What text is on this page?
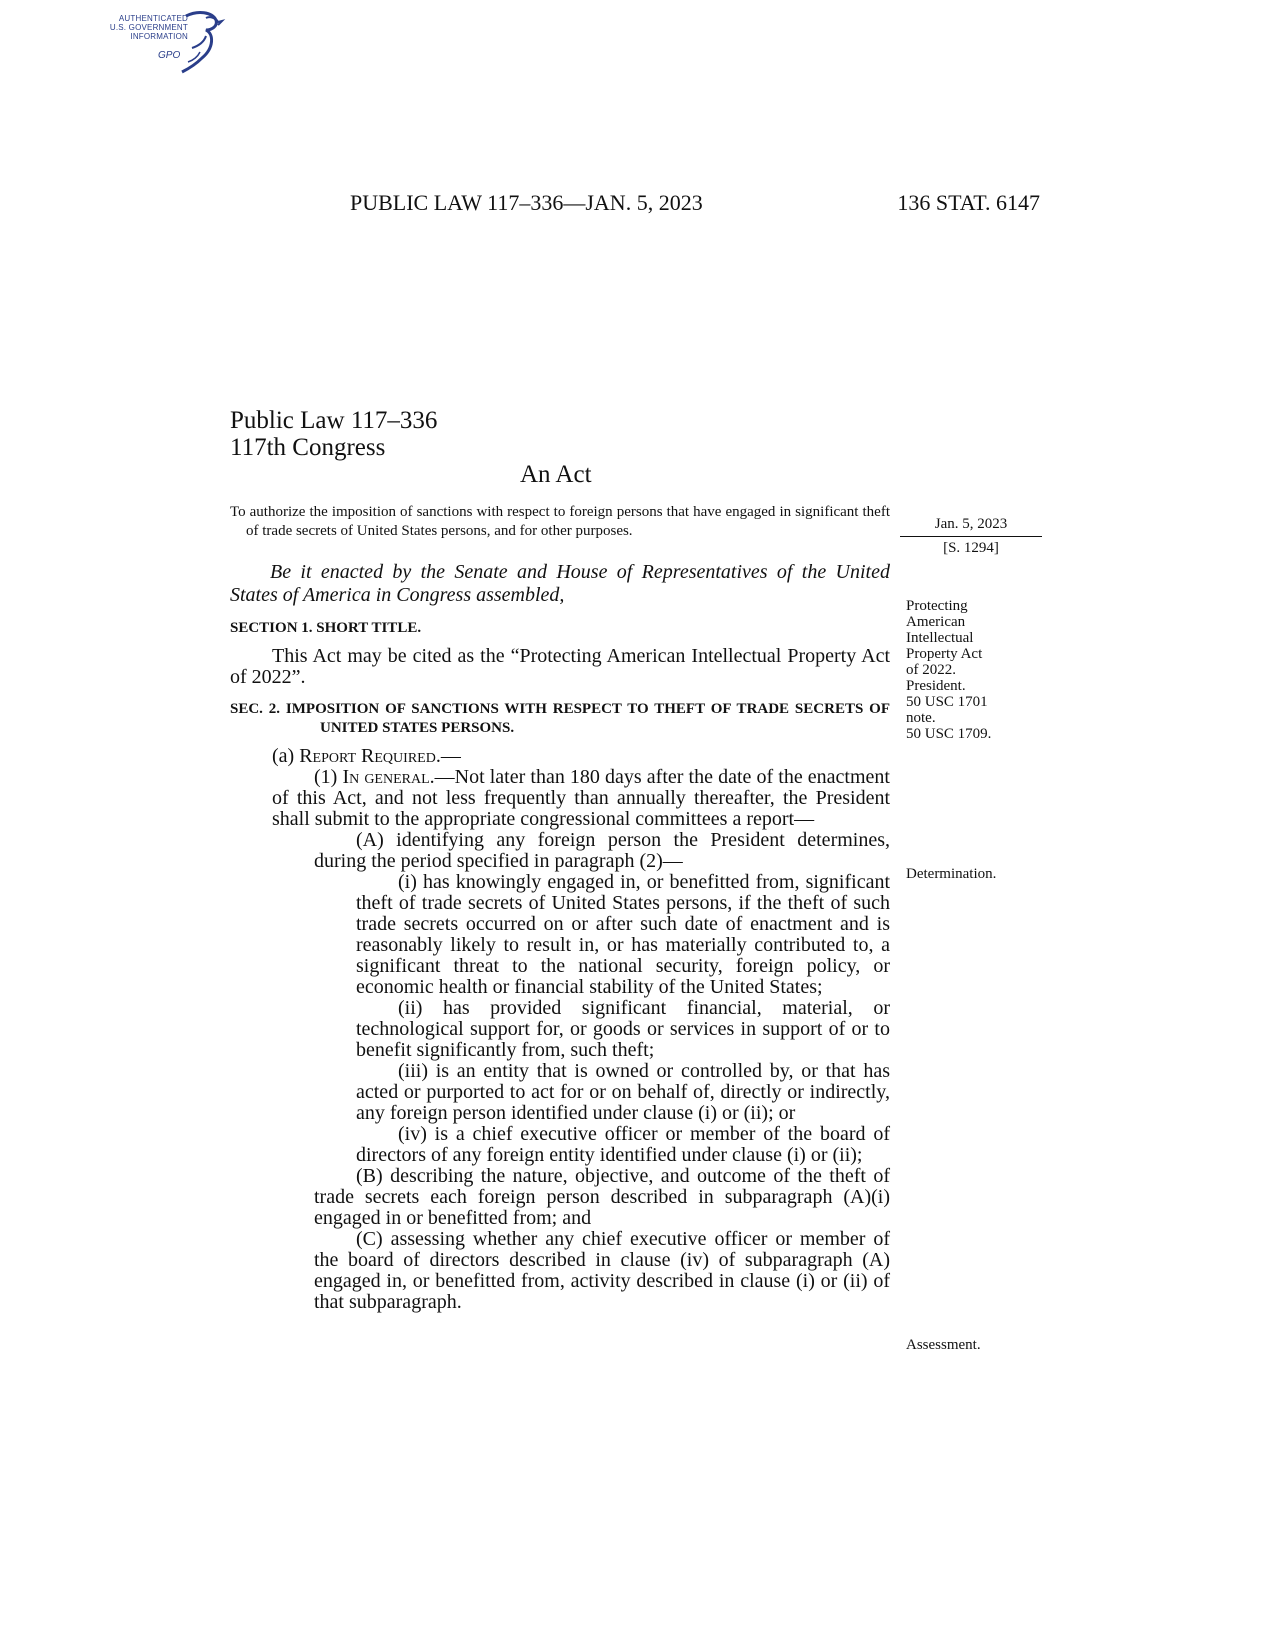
AUTHENTICATED
U.S. GOVERNMENT
INFORMATION
GPO
PUBLIC LAW 117–336—JAN. 5, 2023	136 STAT. 6147
Public Law 117–336
117th Congress
An Act
Jan. 5, 2023
[S. 1294]

To authorize the imposition of sanctions with respect to foreign persons that have engaged in significant theft of trade secrets of United States persons, and for other purposes.

Be it enacted by the Senate and House of Representatives of the United States of America in Congress assembled,

SECTION 1. SHORT TITLE.

This Act may be cited as the “Protecting American Intellectual Property Act of 2022”.

SEC. 2. IMPOSITION OF SANCTIONS WITH RESPECT TO THEFT OF TRADE SECRETS OF UNITED STATES PERSONS.

(a) Report Required.—

(1) In general.—Not later than 180 days after the date of the enactment of this Act, and not less frequently than annually thereafter, the President shall submit to the appropriate congressional committees a report—

(A) identifying any foreign person the President determines, during the period specified in paragraph (2)—

(i) has knowingly engaged in, or benefitted from, significant theft of trade secrets of United States persons, if the theft of such trade secrets occurred on or after such date of enactment and is reasonably likely to result in, or has materially contributed to, a significant threat to the national security, foreign policy, or economic health or financial stability of the United States;

(ii) has provided significant financial, material, or technological support for, or goods or services in support of or to benefit significantly from, such theft;

(iii) is an entity that is owned or controlled by, or that has acted or purported to act for or on behalf of, directly or indirectly, any foreign person identified under clause (i) or (ii); or

(iv) is a chief executive officer or member of the board of directors of any foreign entity identified under clause (i) or (ii);

(B) describing the nature, objective, and outcome of the theft of trade secrets each foreign person described in subparagraph (A)(i) engaged in or benefitted from; and

(C) assessing whether any chief executive officer or member of the board of directors described in clause (iv) of subparagraph (A) engaged in, or benefitted from, activity described in clause (i) or (ii) of that subparagraph.

Protecting
American
Intellectual
Property Act
of 2022.
President.
50 USC 1701
note.
50 USC 1709.
Determination.
Assessment.
